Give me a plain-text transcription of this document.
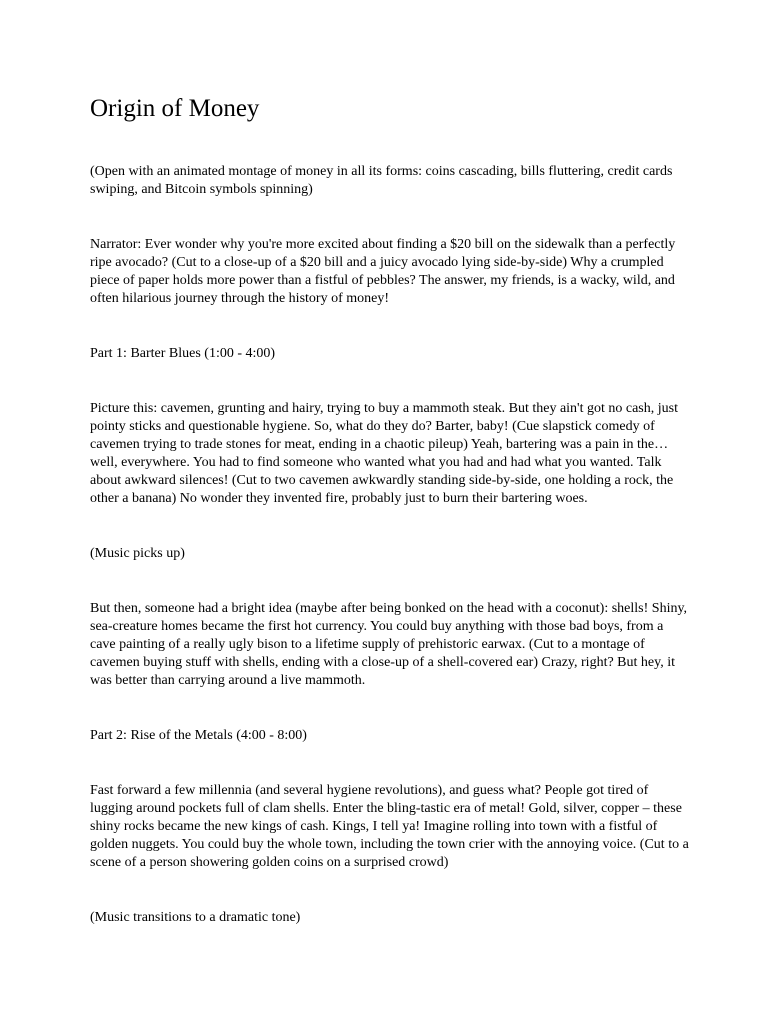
Origin of Money

(Open with an animated montage of money in all its forms: coins cascading, bills fluttering, credit cards swiping, and Bitcoin symbols spinning)

Narrator: Ever wonder why you're more excited about finding a $20 bill on the sidewalk than a perfectly ripe avocado? (Cut to a close-up of a $20 bill and a juicy avocado lying side-by-side) Why a crumpled piece of paper holds more power than a fistful of pebbles? The answer, my friends, is a wacky, wild, and often hilarious journey through the history of money!

Part 1: Barter Blues (1:00 - 4:00)

Picture this: cavemen, grunting and hairy, trying to buy a mammoth steak. But they ain't got no cash, just pointy sticks and questionable hygiene. So, what do they do? Barter, baby! (Cue slapstick comedy of cavemen trying to trade stones for meat, ending in a chaotic pileup) Yeah, bartering was a pain in the… well, everywhere. You had to find someone who wanted what you had and had what you wanted. Talk about awkward silences! (Cut to two cavemen awkwardly standing side-by-side, one holding a rock, the other a banana) No wonder they invented fire, probably just to burn their bartering woes.

(Music picks up)

But then, someone had a bright idea (maybe after being bonked on the head with a coconut): shells! Shiny, sea-creature homes became the first hot currency. You could buy anything with those bad boys, from a cave painting of a really ugly bison to a lifetime supply of prehistoric earwax. (Cut to a montage of cavemen buying stuff with shells, ending with a close-up of a shell-covered ear) Crazy, right? But hey, it was better than carrying around a live mammoth.

Part 2: Rise of the Metals (4:00 - 8:00)

Fast forward a few millennia (and several hygiene revolutions), and guess what? People got tired of lugging around pockets full of clam shells. Enter the bling-tastic era of metal! Gold, silver, copper – these shiny rocks became the new kings of cash. Kings, I tell ya! Imagine rolling into town with a fistful of golden nuggets. You could buy the whole town, including the town crier with the annoying voice. (Cut to a scene of a person showering golden coins on a surprised crowd)

(Music transitions to a dramatic tone)
